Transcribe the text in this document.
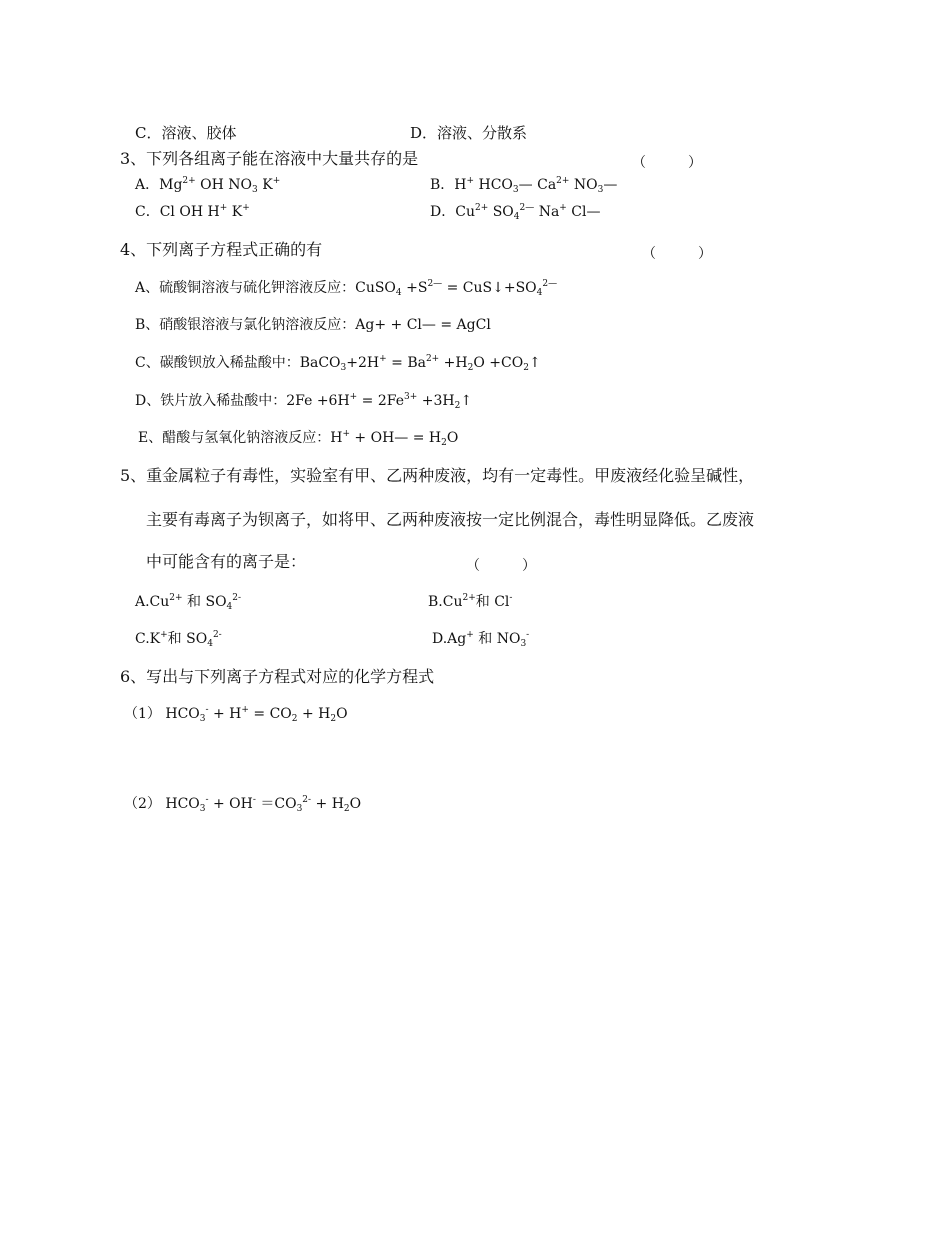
C．溶液、胶体	D．溶液、分散系
3、下列各组离子能在溶液中大量共存的是	（　　　）
A．$Mg^{2+}$ OH $NO_3$ K+	B．H+ $HCO_3—$ $Ca^{2+}$ $NO_3—$
C．Cl OH H+ K+	D．$Cu^{2+}$ $SO_4^{2—}$ Na+ Cl—
4、下列离子方程式正确的有	（　　　）
A、硫酸铜溶液与硫化钾溶液反应：CuSO$_4$ $+S^{2—}$ = $CuS↓+SO_4^{2—}$
B、硝酸银溶液与氯化钠溶液反应：Ag+ + Cl— = AgCl
C、碳酸钡放入稀盐酸中：BaCO$_3$+2H+ = $Ba^{2+} +H_2O$ $+CO_2↑$
D、铁片放入稀盐酸中：$2Fe +6H^+ = 2Fe^{3+}$ $+3H_2↑$
E、醋酸与氢氧化钠溶液反应：H+ + OH— = $H_2O$
5、重金属粒子有毒性，实验室有甲、乙两种废液，均有一定毒性。甲废液经化验呈碱性，
主要有毒离子为钡离子，如将甲、乙两种废液按一定比例混合，毒性明显降低。乙废液
中可能含有的离子是：	（　　　）
$A.Cu^{2+}$ 和 $SO_4^{2-}$	$B.Cu^{2+}$和 Cl-
C.K+和 $SO_4^{2-}$	D.Ag+ 和 $NO_3^-$
6、写出与下列离子方程式对应的化学方程式
（1） $HCO_3^- + H^+ = CO_2 + H_2O$
（2） $HCO_3^- + OH^- =CO_3^{2-} + H_2O$
